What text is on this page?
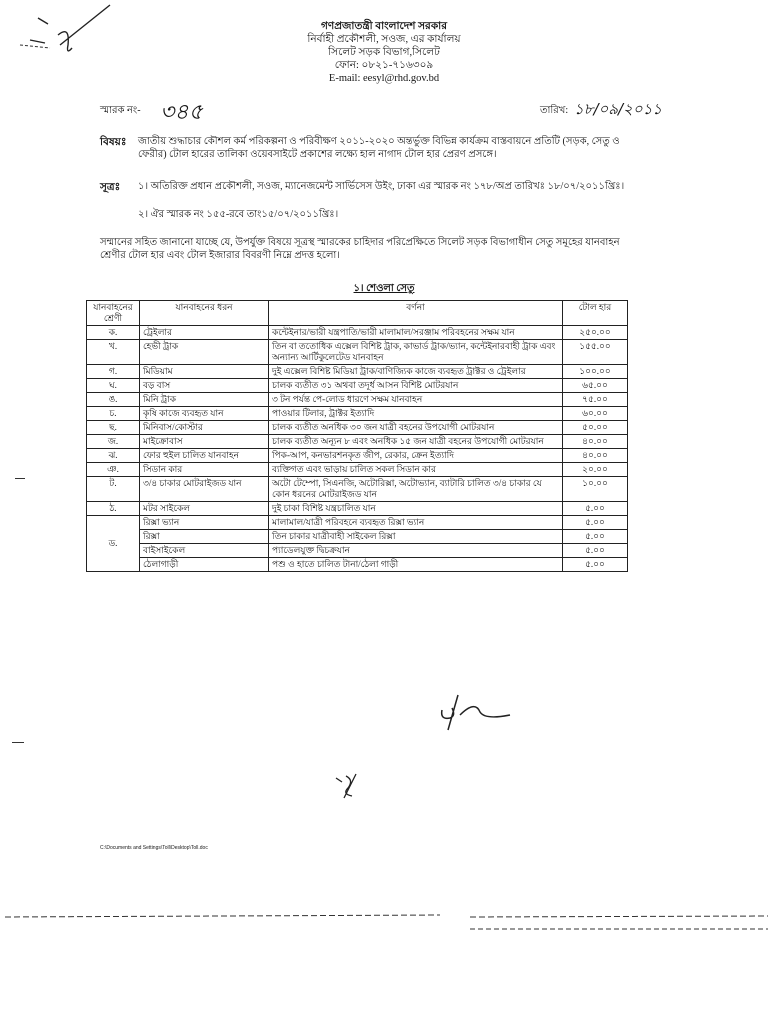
গণপ্রজাতন্ত্রী বাংলাদেশ সরকার
নির্বাহী প্রকৌশলী, সওজ, এর কার্যালয়
সিলেট সড়ক বিভাগ,সিলেট
ফোন: ০৮২১-৭১৬৩০৯
E-mail: eesyl@rhd.gov.bd
স্মারক নং- ৩৪৫	তারিখ: ১৮/০৯/২০১১
বিষয়ঃ জাতীয় শুদ্ধাচার কৌশল কর্ম পরিকল্পনা ও পরিবীক্ষণ ২০১১-২০২০ অন্তর্ভুক্ত বিভিন্ন কার্যক্রম বাস্তবায়নে প্রতিটি (সড়ক, সেতু ও ফেরীর) টোল হারের তালিকা ওয়েবসাইটে প্রকাশের লক্ষ্যে হাল নাগাদ টোল হার প্রেরণ প্রসঙ্গে।
সূত্রঃ ১। অতিরিক্ত প্রধান প্রকৌশলী, সওজ, ম্যানেজমেন্ট সার্ভিসেস উইং, ঢাকা এর স্মারক নং ১৭৮/অপ্র তারিখঃ ১৮/০৭/২০১১খ্রিঃ।
২। ঐর স্মারক নং ১৫৫-রবে তাং১৫/০৭/২০১১খ্রিঃ।
সম্মানের সহিত জানানো যাচ্ছে যে, উপর্যুক্ত বিষয়ে সূত্রস্থ স্মারকের চাহিদার পরিপ্রেক্ষিতে সিলেট সড়ক বিভাগাধীন সেতু সমূহের যানবাহন শ্রেণীর টোল হার এবং টোল ইজারার বিবরণী নিম্নে প্রদত্ত হলো।
১। শেওলা সেতু
যানবাহনের শ্রেণী	যানবাহনের ধরন	বর্ণনা	টোল হার
ক.	ট্রেইলার	কন্টেইনার/ভারী যন্ত্রপাতি/ভারী মালামাল/সরঞ্জাম পরিবহনের সক্ষম যান	২৫০.০০
খ.	হেভী ট্রাক	তিন বা ততোধিক এক্সেল বিশিষ্ট ট্রাক, কাভার্ড ট্রাক/ভ্যান, কন্টেইনারবাহী ট্রাক এবং অন্যান্য আর্টিকুলেটেড যানবাহন	১৫৫.০০
গ.	মিডিয়াম	দুই এক্সেল বিশিষ্ট মিডিয়া ট্রাক/বাণিজ্যিক কাজে ব্যবহৃত ট্রাক্টর ও ট্রেইলার	১০০.০০
ঘ.	বড় বাস	চালক ব্যতীত ৩১ অথবা তদূর্ধ আসন বিশিষ্ট মোটরযান	৬৫.০০
ঙ.	মিনি ট্রাক	৩ টন পর্যন্ত পে-লোড ধারণে সক্ষম যানবাহন	৭৫.০০
চ.	কৃষি কাজে ব্যবহৃত যান	পাওয়ার টিলার, ট্রাক্টর ইত্যাদি	৬০.০০
ছ.	মিনিবাস/কোস্টার	চালক ব্যতীত অনধিক ৩০ জন যাত্রী বহনের উপযোগী মোটরযান	৫০.০০
জ.	মাইক্রোবাস	চালক ব্যতীত অন্যূন ৮ এবং অনধিক ১৫ জন যাত্রী বহনের উপযোগী মোটরযান	৪০.০০
ঝ.	ফোর হুইল চালিত যানবাহন	পিক-আপ, কনভারশনকৃত জীপ, রেকার, ক্রেন ইত্যাদি	৪০.০০
ঞ.	সিডান কার	ব্যক্তিগত এবং ভাড়ায় চালিত সকল সিডান কার	২০.০০
ট.	৩/৪ চাকার মোটরাইজড যান	অটো টেম্পো, সিএনজি, অটোরিক্সা, অটোভ্যান, ব্যাটারি চালিত ৩/৪ চাকার যে কোন ধরনের মোটরাইজড যান	১০.০০
ঠ.	মটর সাইকেল	দুই চাকা বিশিষ্ট যন্ত্রচালিত যান	৫.০০
ড.	রিক্সা ভ্যান	মালামাল/যাত্রী পরিবহনে ব্যবহৃত রিক্সা ভ্যান	৫.০০
	রিক্সা	তিন চাকার যাত্রীবাহী সাইকেল রিক্সা	৫.০০
	বাইসাইকেল	প্যাডেলযুক্ত দ্বিচক্রযান	৫.০০
	ঠেলাগাড়ী	পশু ও হাতে চালিত টানা/ঠেলা গাড়ী	৫.০০
C:\Documents and Settings\Toll\Desktop\Toll.doc
